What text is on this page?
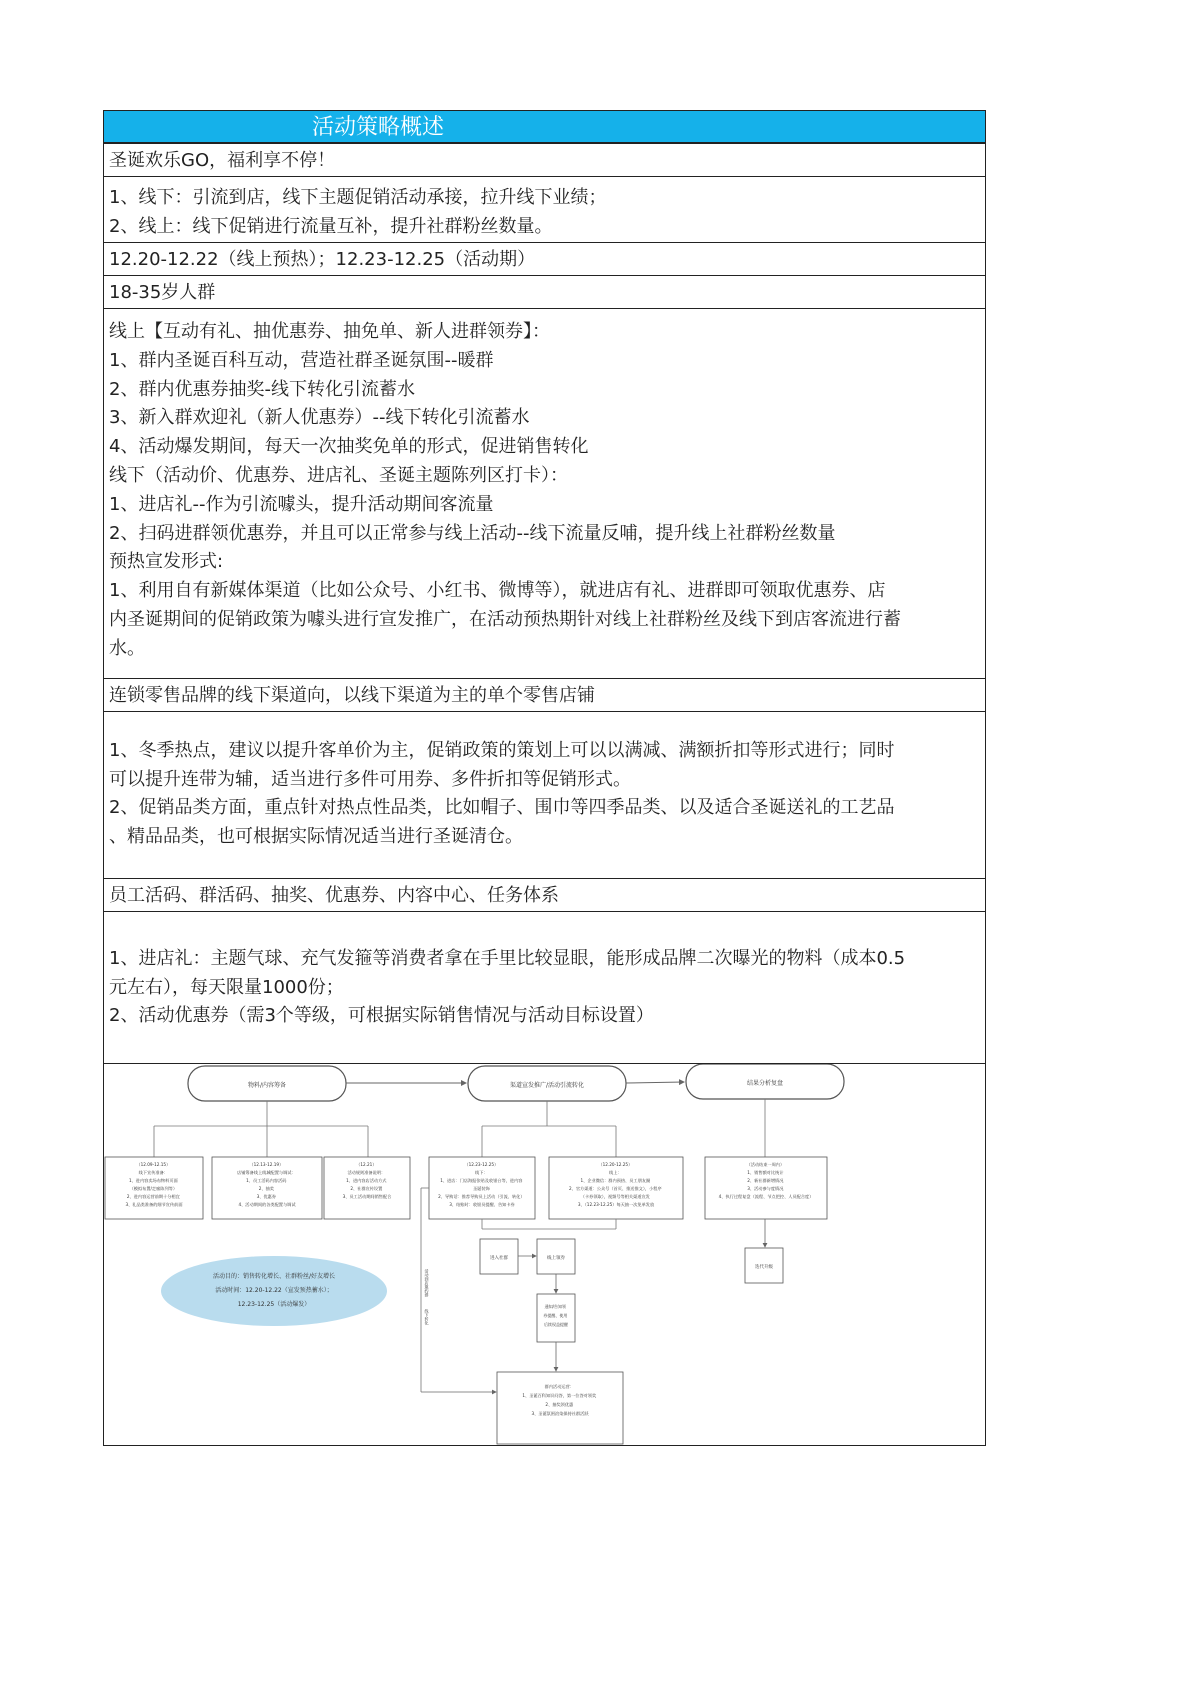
活动策略概述

圣诞欢乐GO，福利享不停！

1、线下：引流到店，线下主题促销活动承接，拉升线下业绩；

2、线上：线下促销进行流量互补，提升社群粉丝数量。

12.20-12.22（线上预热）；12.23-12.25（活动期）

18-35岁人群

线上【互动有礼、抽优惠券、抽免单、新人进群领券】：

1、群内圣诞百科互动，营造社群圣诞氛围--暖群

2、群内优惠券抽奖-线下转化引流蓄水

3、新入群欢迎礼（新人优惠券）--线下转化引流蓄水

4、活动爆发期间，每天一次抽奖免单的形式，促进销售转化

线下（活动价、优惠券、进店礼、圣诞主题陈列区打卡）：

1、进店礼--作为引流噱头，提升活动期间客流量

2、扫码进群领优惠券，并且可以正常参与线上活动--线下流量反哺，提升线上社群粉丝数量

预热宣发形式:

1、利用自有新媒体渠道（比如公众号、小红书、微博等），就进店有礼、进群即可领取优惠券、店

内圣诞期间的促销政策为噱头进行宣发推广，在活动预热期针对线上社群粉丝及线下到店客流进行蓄

水。

连锁零售品牌的线下渠道向，以线下渠道为主的单个零售店铺

1、冬季热点，建议以提升客单价为主，促销政策的策划上可以以满减、满额折扣等形式进行；同时

可以提升连带为辅，适当进行多件可用券、多件折扣等促销形式。

2、促销品类方面，重点针对热点性品类，比如帽子、围巾等四季品类、以及适合圣诞送礼的工艺品

、精品品类，也可根据实际情况适当进行圣诞清仓。

员工活码、群活码、抽奖、优惠券、内容中心、任务体系

1、进店礼：主题气球、充气发箍等消费者拿在手里比较显眼，能形成品牌二次曝光的物料（成本0.5

元左右），每天限量1000份；

2、活动优惠券（需3个等级，可根据实际销售情况与活动目标设置）

物料/内容筹备	渠道宣发推广/活动引流转化	结果分析复盘
（12.09-12.15） 线下宣传准备： 1、进内容卖场布物料页面 （模拟布置/走廊陈列等） 2、进内容运营前期十分相宜 3、礼品类准备的细节宣传前面
（12.13-12.19） 店铺筹备线上线城配置与调试： 1、员工活码内容活码 2、抽奖 3、优惠券 4、活动期间的各类配置与调试
（12.21） 活动规则准备说明： 1、进内容店活动方式 2、社群宣传设置 3、员工活动期间销售配合
（12.23-12.25） 线下： 1、进店：门店海报张贴及收银台等，进内容 圣诞装饰 2、导购话：推荐导购员上活动（引流、转化） 3、结账时：收银员提醒、告知卡券
（12.20-12.25） 线上： 1、企业微信：群内预热、员工朋友圈 2、官方渠道：公众号（首页、推送推文），小程序 （卡券领取），视频号等相关渠道宣发 3、（12.23-12.25）每天抽一次免单发放
（活动结束一周内） 1、销售额对比统计 2、新社群新增情况 3、活动参与度情况 4、执行过程复盘（流程、节点把控、人员配合度）
迭代升级
进入社群	线上领券
通知/告知领 券提醒、使用 后续权益提醒
群内活动运营： 1、圣诞百科知识问答，第一位答对领奖 2、抽奖领优惠 3、圣诞氛围渲染保持社群活跃
活动到店邀约群
线下转化
活动目的：销售转化增长、社群粉丝/好友增长
活动时间：12.20-12.22（宣发预热蓄水）；
12.23-12.25（活动爆发）
